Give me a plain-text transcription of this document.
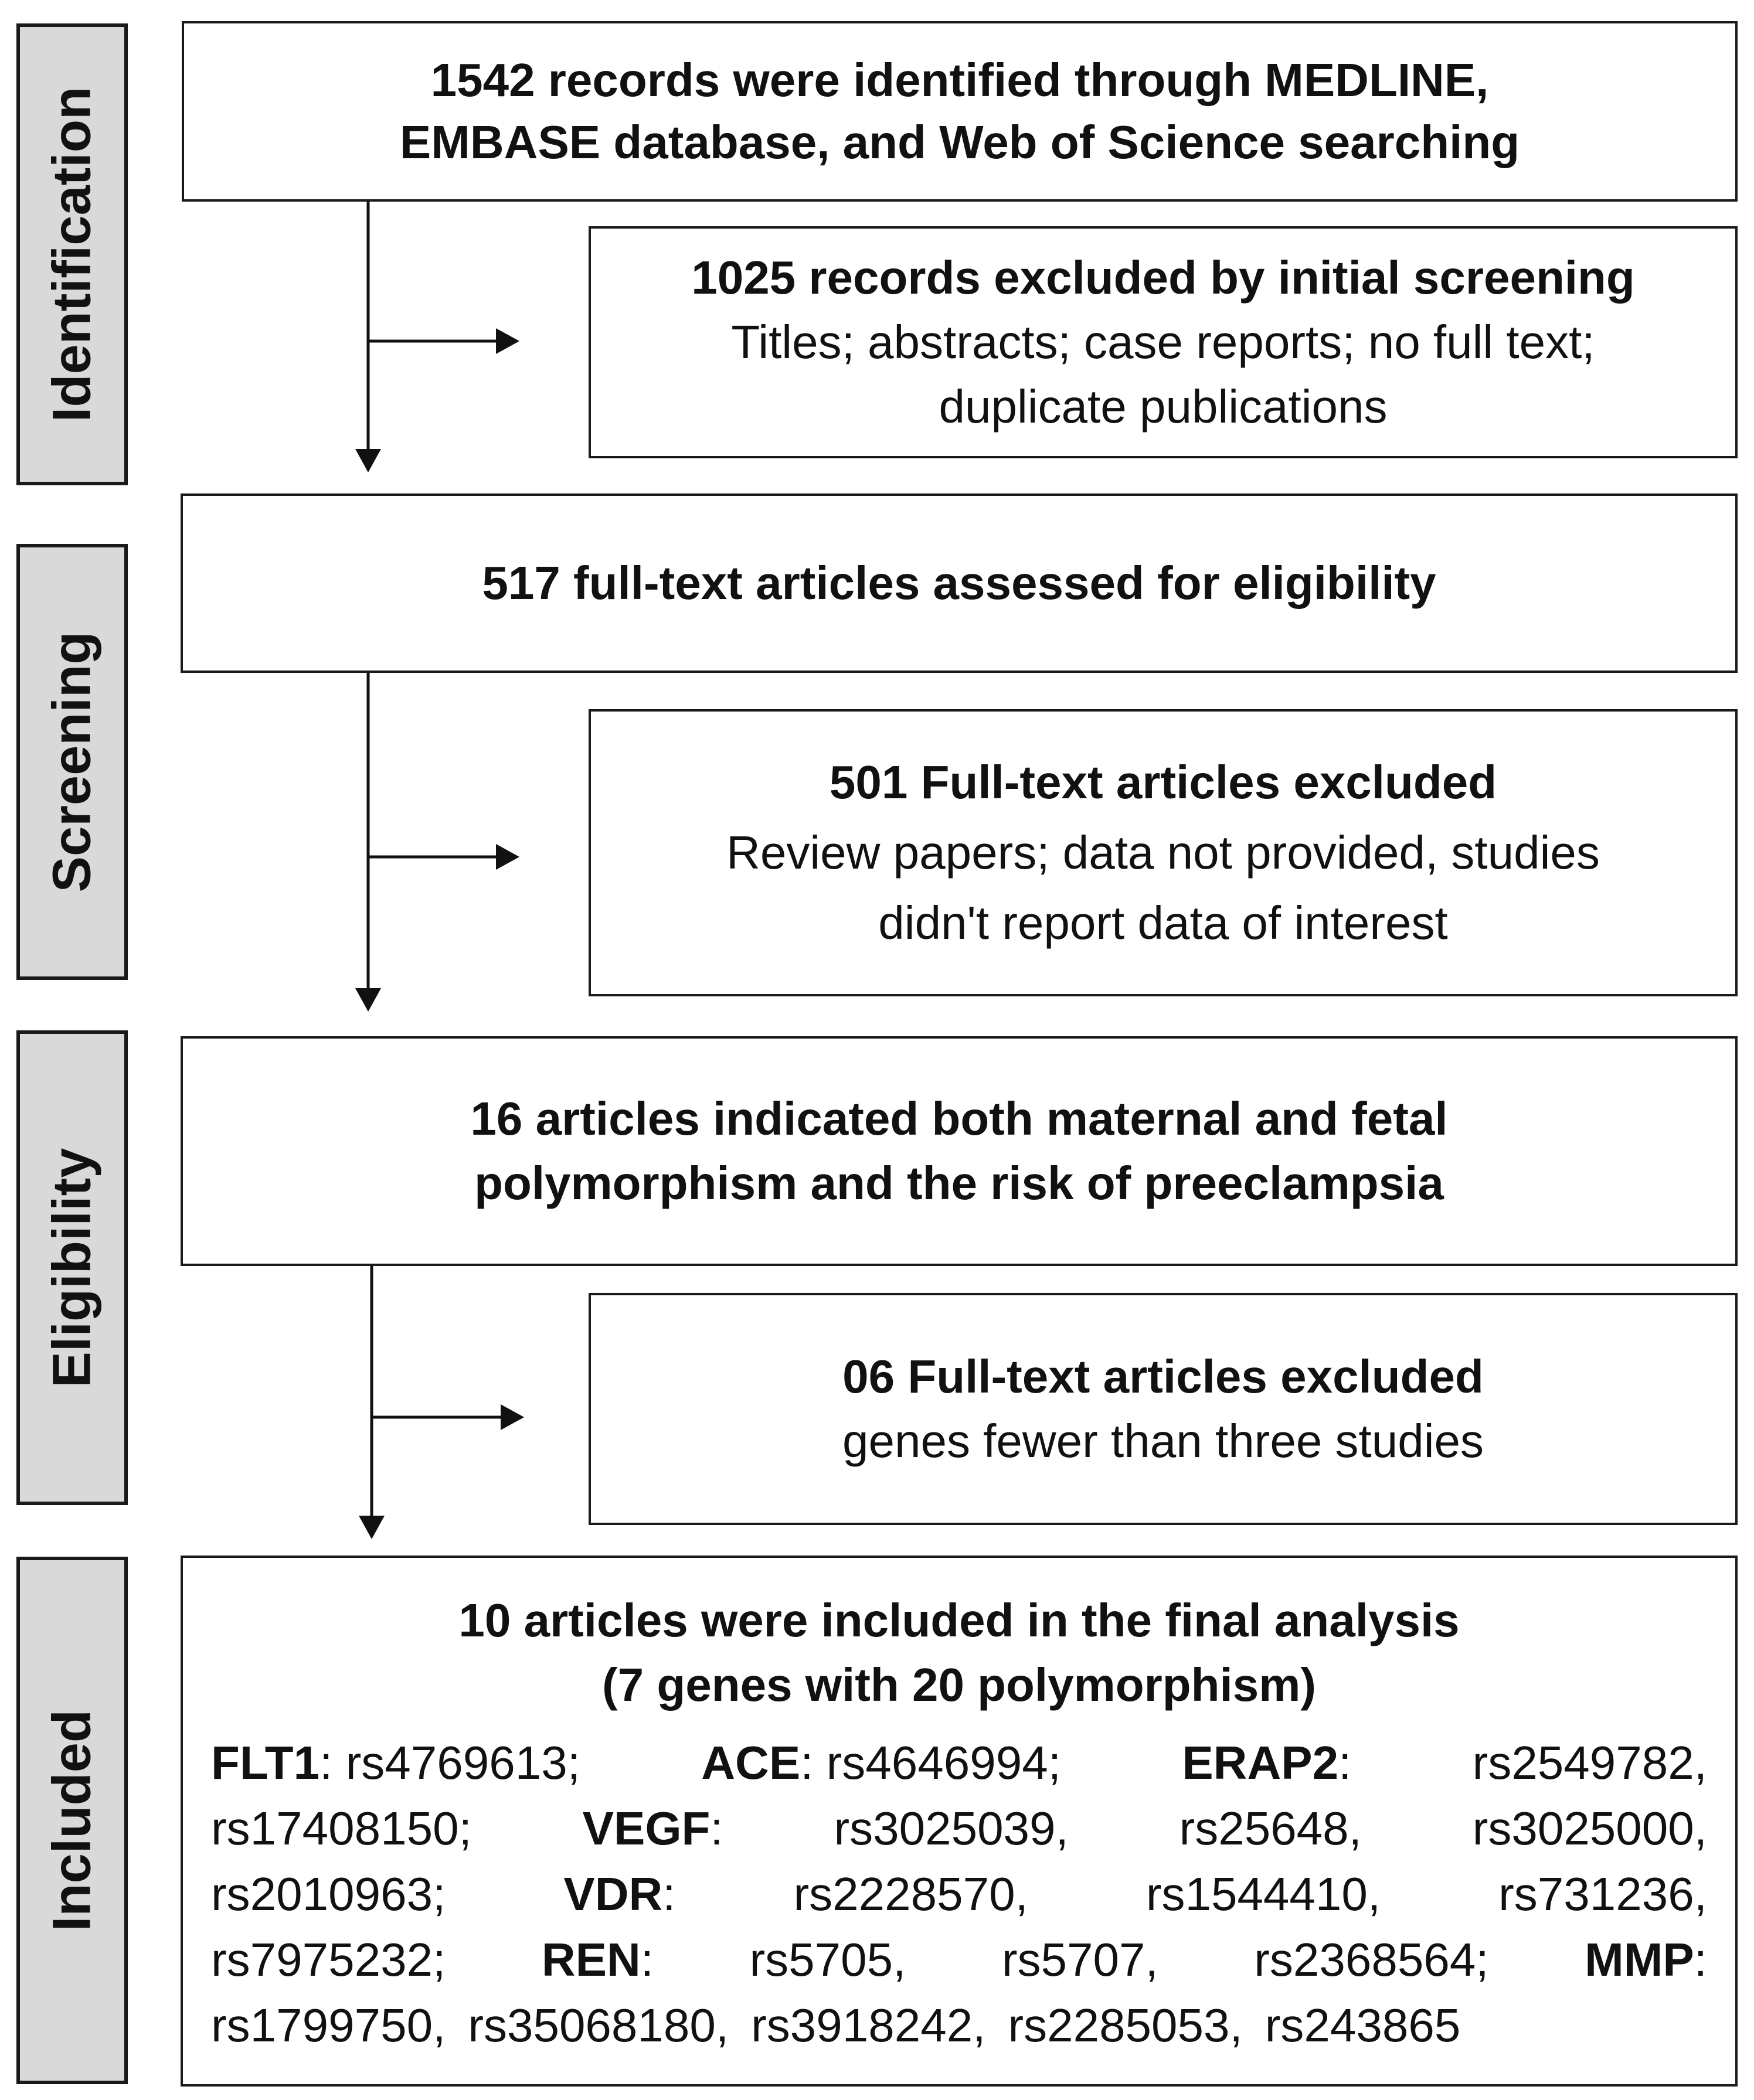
Identification
Screening
Eligibility
Included
1542 records were identified through MEDLINE,
EMBASE database, and Web of Science searching
1025 records excluded by initial screening
Titles; abstracts; case reports; no full text;
duplicate publications
517 full-text articles assessed for eligibility
501 Full-text articles excluded
Review papers; data not provided, studies
didn't report data of interest
16 articles indicated both maternal and fetal
polymorphism and the risk of preeclampsia
06 Full-text articles excluded
genes fewer than three studies
10 articles were included in the final analysis
(7 genes with 20 polymorphism)
FLT1: rs4769613;	ACE: rs4646994;	ERAP2:	rs2549782,
rs17408150; VEGF: rs3025039, rs25648, rs3025000,
rs2010963;	VDR:	rs2228570,	rs1544410,	rs731236,
rs7975232; REN: rs5705, rs5707, rs2368564; MMP:
rs1799750, rs35068180, rs3918242, rs2285053, rs243865
